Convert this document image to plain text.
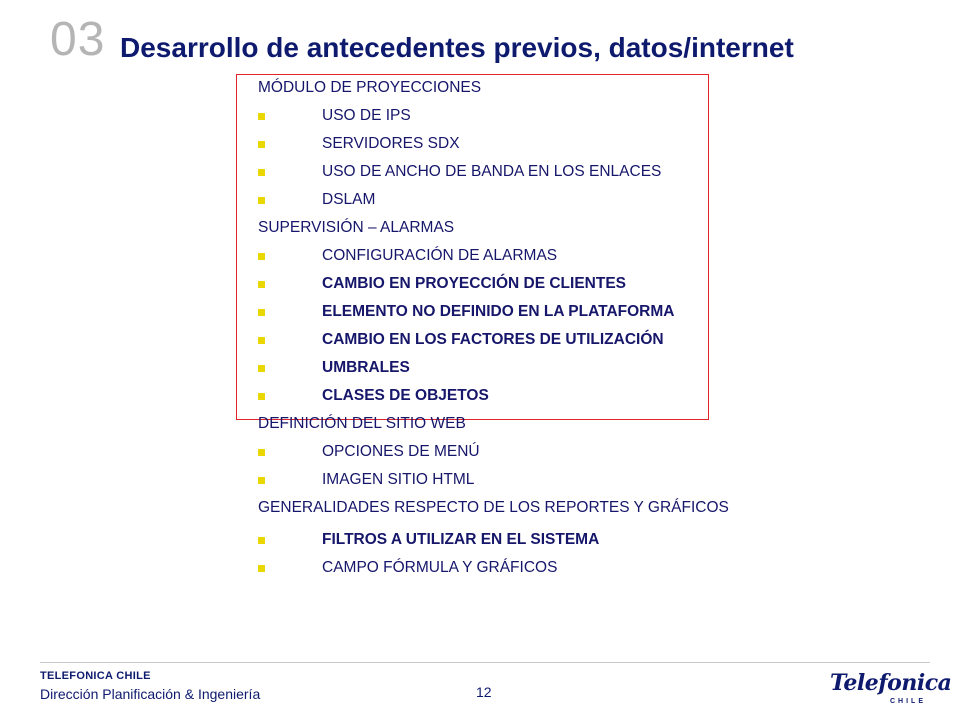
03 Desarrollo de antecedentes previos, datos/internet
MÓDULO DE PROYECCIONES
USO DE IPS
SERVIDORES SDX
USO DE ANCHO DE BANDA EN LOS ENLACES
DSLAM
SUPERVISIÓN – ALARMAS
CONFIGURACIÓN DE ALARMAS
CAMBIO EN PROYECCIÓN DE CLIENTES
ELEMENTO NO DEFINIDO EN LA PLATAFORMA
CAMBIO EN LOS FACTORES DE UTILIZACIÓN
UMBRALES
CLASES DE OBJETOS
DEFINICIÓN DEL SITIO WEB
OPCIONES DE MENÚ
IMAGEN SITIO HTML
GENERALIDADES RESPECTO DE LOS REPORTES Y GRÁFICOS
FILTROS A UTILIZAR EN EL SISTEMA
CAMPO FÓRMULA Y GRÁFICOS
TELEFONICA CHILE
Dirección Planificación & Ingeniería	12	Telefonica
CHILE
